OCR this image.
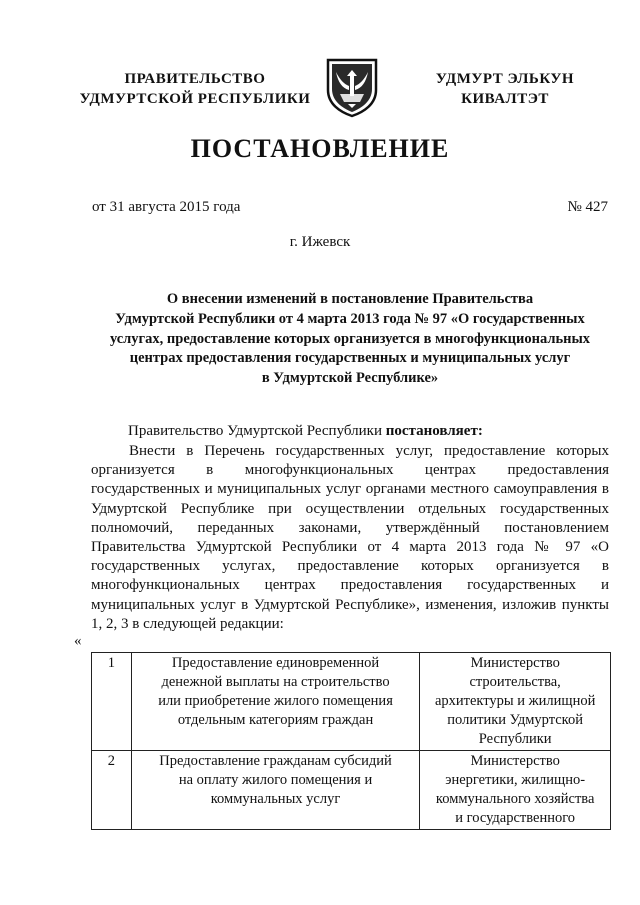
ПРАВИТЕЛЬСТВО
УДМУРТСКОЙ РЕСПУБЛИКИ
УДМУРТ ЭЛЬКУН
КИВАЛТЭТ
ПОСТАНОВЛЕНИЕ
от 31 августа 2015 года	№ 427
г. Ижевск
О внесении изменений в постановление Правительства
Удмуртской Республики от 4 марта 2013 года № 97 «О государственных
услугах, предоставление которых организуется в многофункциональных
центрах предоставления государственных и муниципальных услуг
в Удмуртской Республике»
Правительство Удмуртской Республики постановляет:

Внести в Перечень государственных услуг, предоставление которых организуется в многофункциональных центрах предоставления государственных и муниципальных услуг органами местного самоуправления в Удмуртской Республике при осуществлении отдельных государственных полномочий, переданных законами, утверждённый постановлением Правительства Удмуртской Республики от 4 марта 2013 года № 97 «О государственных услугах, предоставление которых организуется в многофункциональных центрах предоставления государственных и муниципальных услуг в Удмуртской Республике», изменения, изложив пункты 1, 2, 3 в следующей редакции:

«
1	Предоставление единовременной
денежной выплаты на строительство
или приобретение жилого помещения
отдельным категориям граждан	Министерство
строительства,
архитектуры и жилищной
политики Удмуртской
Республики
2	Предоставление гражданам субсидий
на оплату жилого помещения и
коммунальных услуг	Министерство
энергетики, жилищно-
коммунального хозяйства
и государственного
